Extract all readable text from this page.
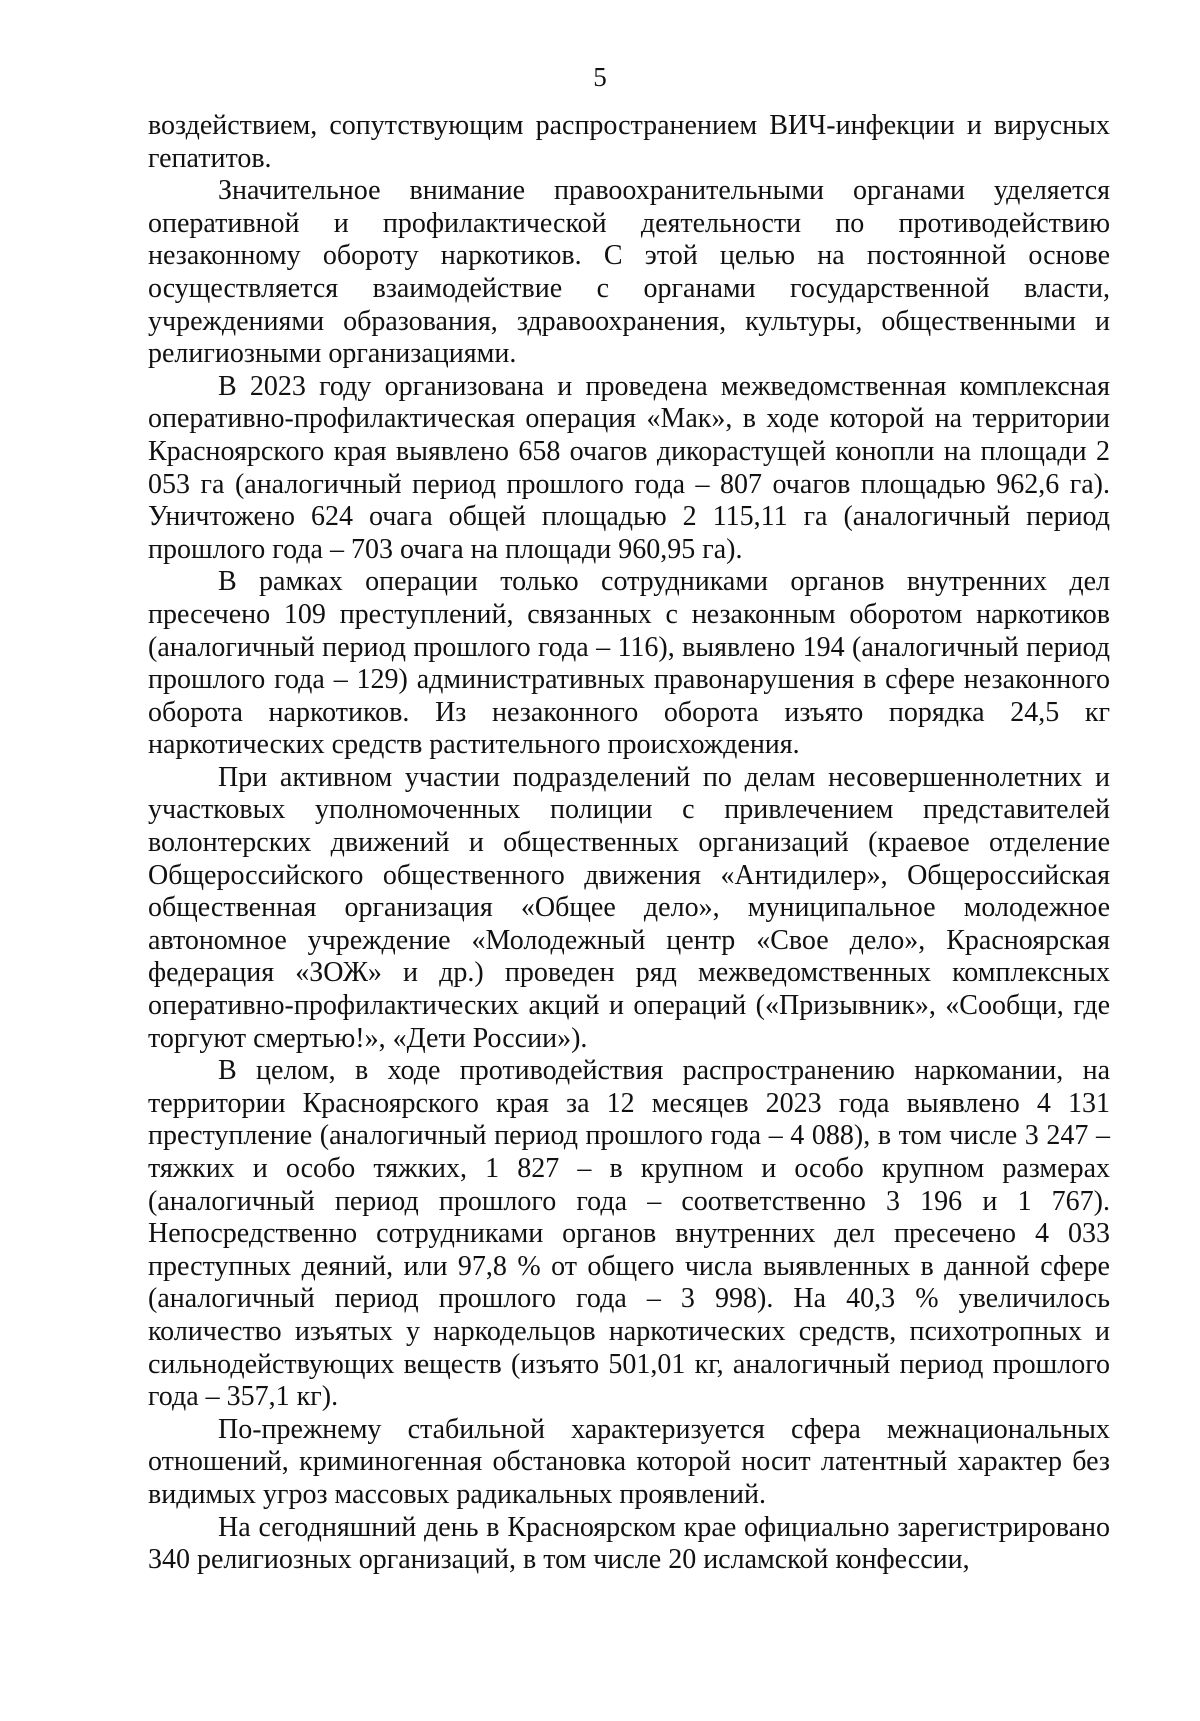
5

воздействием, сопутствующим распространением ВИЧ-инфекции и вирусных гепатитов.

Значительное внимание правоохранительными органами уделяется оперативной и профилактической деятельности по противодействию незаконному обороту наркотиков. С этой целью на постоянной основе осуществляется взаимодействие с органами государственной власти, учреждениями образования, здравоохранения, культуры, общественными и религиозными организациями.

В 2023 году организована и проведена межведомственная комплексная оперативно-профилактическая операция «Мак», в ходе которой на территории Красноярского края выявлено 658 очагов дикорастущей конопли на площади 2 053 га (аналогичный период прошлого года – 807 очагов площадью 962,6 га). Уничтожено 624 очага общей площадью 2 115,11 га (аналогичный период прошлого года – 703 очага на площади 960,95 га).

В рамках операции только сотрудниками органов внутренних дел пресечено 109 преступлений, связанных с незаконным оборотом наркотиков (аналогичный период прошлого года – 116), выявлено 194 (аналогичный период прошлого года – 129) административных правонарушения в сфере незаконного оборота наркотиков. Из незаконного оборота изъято порядка 24,5 кг наркотических средств растительного происхождения.

При активном участии подразделений по делам несовершеннолетних и участковых уполномоченных полиции с привлечением представителей волонтерских движений и общественных организаций (краевое отделение Общероссийского общественного движения «Антидилер», Общероссийская общественная организация «Общее дело», муниципальное молодежное автономное учреждение «Молодежный центр «Свое дело», Красноярская федерация «ЗОЖ» и др.) проведен ряд межведомственных комплексных оперативно-профилактических акций и операций («Призывник», «Сообщи, где торгуют смертью!», «Дети России»).

В целом, в ходе противодействия распространению наркомании, на территории Красноярского края за 12 месяцев 2023 года выявлено 4 131 преступление (аналогичный период прошлого года – 4 088), в том числе 3 247 – тяжких и особо тяжких, 1 827 – в крупном и особо крупном размерах (аналогичный период прошлого года – соответственно 3 196 и 1 767). Непосредственно сотрудниками органов внутренних дел пресечено 4 033 преступных деяний, или 97,8 % от общего числа выявленных в данной сфере (аналогичный период прошлого года – 3 998). На 40,3 % увеличилось количество изъятых у наркодельцов наркотических средств, психотропных и сильнодействующих веществ (изъято 501,01 кг, аналогичный период прошлого года – 357,1 кг).

По-прежнему стабильной характеризуется сфера межнациональных отношений, криминогенная обстановка которой носит латентный характер без видимых угроз массовых радикальных проявлений.

На сегодняшний день в Красноярском крае официально зарегистрировано 340 религиозных организаций, в том числе 20 исламской конфессии,
